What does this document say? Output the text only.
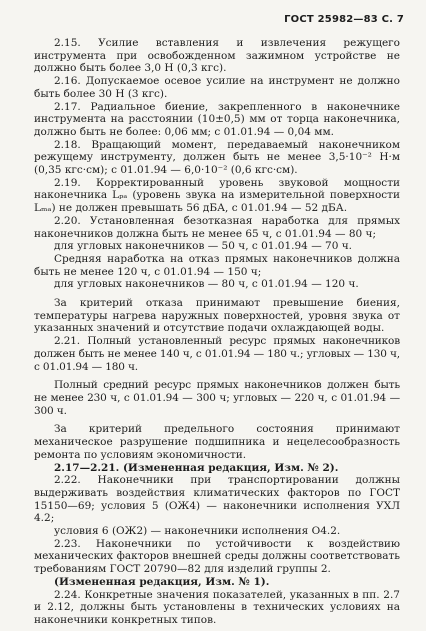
ГОСТ 25982—83 С. 7

2.15. Усилие вставления и извлечения режущего инструмента при освобожденном зажимном устройстве не должно быть более 3,0 Н (0,3 кгс).

2.16. Допускаемое осевое усилие на инструмент не должно быть более 30 Н (3 кгс).

2.17. Радиальное биение, закрепленного в наконечнике инструмента на расстоянии (10±0,5) мм от торца наконечника, должно быть не более: 0,06 мм; с 01.01.94 — 0,04 мм.

2.18. Вращающий момент, передаваемый наконечником режущему инструменту, должен быть не менее 3,5·10⁻² Н·м (0,35 кгс·см); с 01.01.94 — 6,0·10⁻² (0,6 кгс·см).

2.19. Корректированный уровень звуковой мощности наконечника Lₚₐ (уровень звука на измерительной поверхности Lₘₐ) не должен превышать 56 дБА, с 01.01.94 — 52 дБА.

2.20. Установленная безотказная наработка для прямых наконечников должна быть не менее 65 ч, с 01.01.94 — 80 ч;

для угловых наконечников — 50 ч, с 01.01.94 — 70 ч.

Средняя наработка на отказ прямых наконечников должна быть не менее 120 ч, с 01.01.94 — 150 ч;

для угловых наконечников — 80 ч, с 01.01.94 — 120 ч.

За критерий отказа принимают превышение биения, температуры нагрева наружных поверхностей, уровня звука от указанных значений и отсутствие подачи охлаждающей воды.

2.21. Полный установленный ресурс прямых наконечников должен быть не менее 140 ч, с 01.01.94 — 180 ч.; угловых — 130 ч, с 01.01.94 — 180 ч.

Полный средний ресурс прямых наконечников должен быть не менее 230 ч, с 01.01.94 — 300 ч; угловых — 220 ч, с 01.01.94 — 300 ч.

За критерий предельного состояния принимают механическое разрушение подшипника и нецелесообразность ремонта по условиям экономичности.

2.17—2.21. (Измененная редакция, Изм. № 2).

2.22. Наконечники при транспортировании должны выдерживать воздействия климатических факторов по ГОСТ 15150—69; условия 5 (ОЖ4) — наконечники исполнения УХЛ 4.2;

условия 6 (ОЖ2) — наконечники исполнения О4.2.

2.23. Наконечники по устойчивости к воздействию механических факторов внешней среды должны соответствовать требованиям ГОСТ 20790—82 для изделий группы 2.

(Измененная редакция, Изм. № 1).

2.24. Конкретные значения показателей, указанных в пп. 2.7 и 2.12, должны быть установлены в технических условиях на наконечники конкретных типов.
